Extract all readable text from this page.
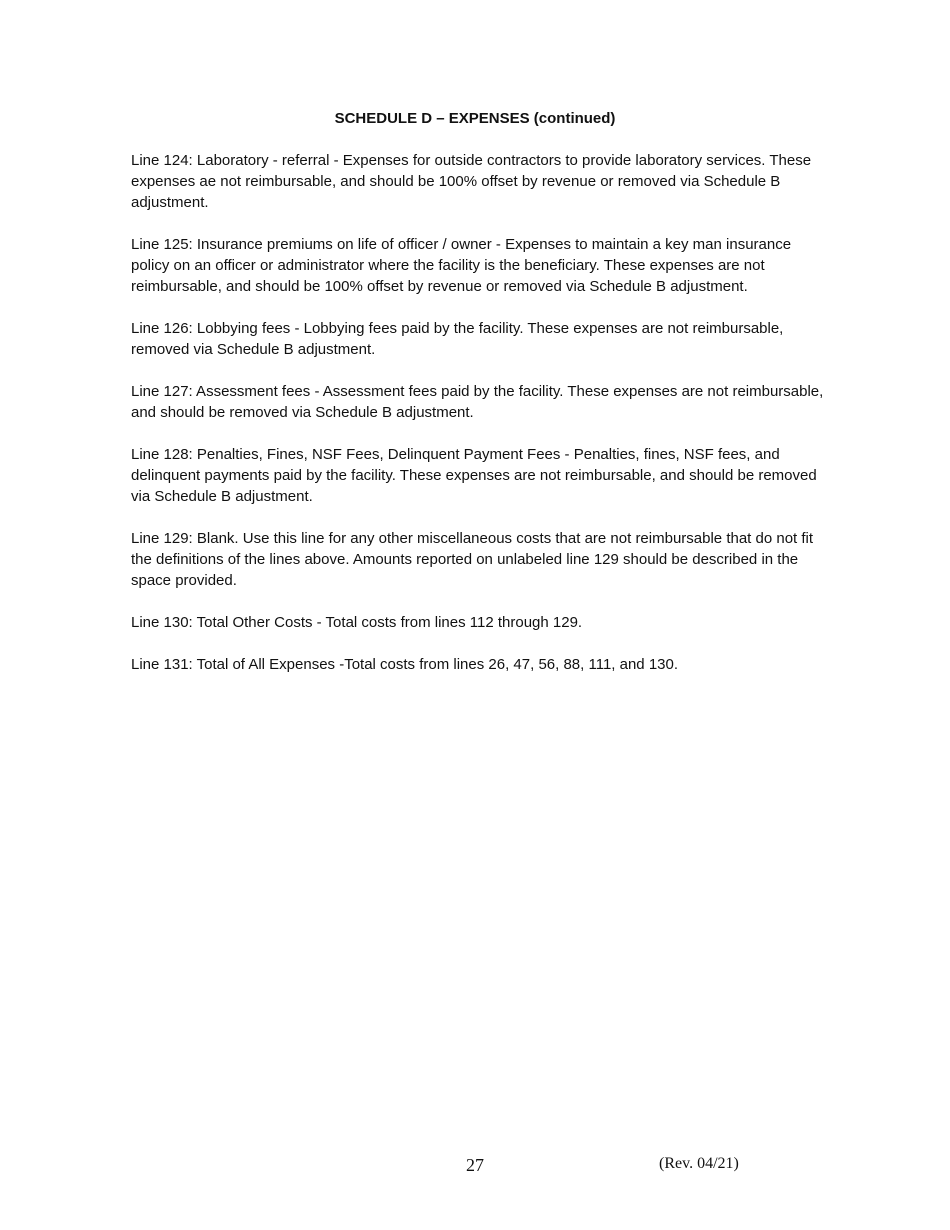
SCHEDULE D – EXPENSES (continued)

Line 124: Laboratory - referral - Expenses for outside contractors to provide laboratory services. These expenses ae not reimbursable, and should be 100% offset by revenue or removed via Schedule B adjustment.

Line 125: Insurance premiums on life of officer / owner - Expenses to maintain a key man insurance policy on an officer or administrator where the facility is the beneficiary. These expenses are not reimbursable, and should be 100% offset by revenue or removed via Schedule B adjustment.

Line 126: Lobbying fees - Lobbying fees paid by the facility. These expenses are not reimbursable, removed via Schedule B adjustment.

Line 127: Assessment fees - Assessment fees paid by the facility. These expenses are not reimbursable, and should be removed via Schedule B adjustment.

Line 128: Penalties, Fines, NSF Fees, Delinquent Payment Fees - Penalties, fines, NSF fees, and delinquent payments paid by the facility. These expenses are not reimbursable, and should be removed via Schedule B adjustment.

Line 129: Blank. Use this line for any other miscellaneous costs that are not reimbursable that do not fit the definitions of the lines above. Amounts reported on unlabeled line 129 should be described in the space provided.

Line 130: Total Other Costs - Total costs from lines 112 through 129.

Line 131: Total of All Expenses -Total costs from lines 26, 47, 56, 88, 111, and 130.

27	(Rev. 04/21)
